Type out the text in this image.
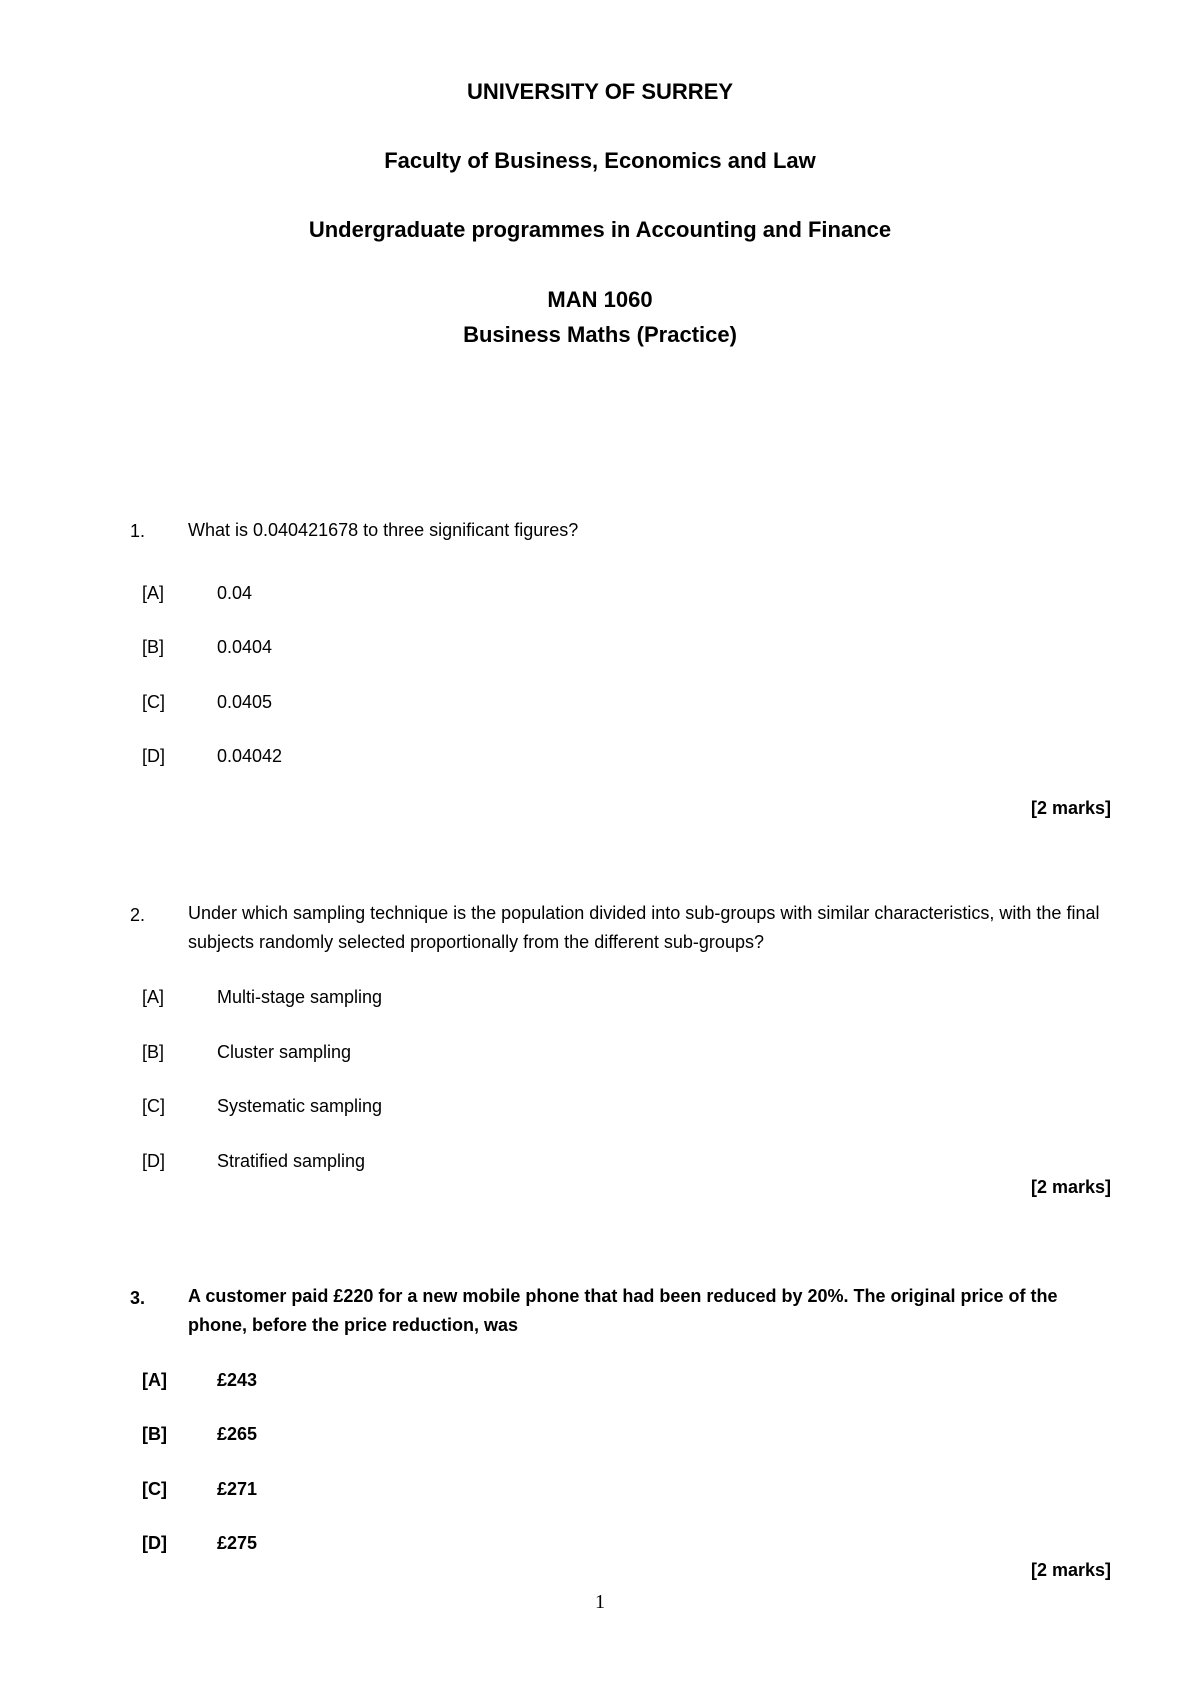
UNIVERSITY OF SURREY
Faculty of Business, Economics and Law
Undergraduate programmes in Accounting and Finance
MAN 1060
Business Maths (Practice)
1. What is 0.040421678 to three significant figures?
[A]	0.04
[B]	0.0404
[C]	0.0405
[D]	0.04042
[2 marks]
2. Under which sampling technique is the population divided into sub-groups with similar characteristics, with the final subjects randomly selected proportionally from the different sub-groups?
[A]	Multi-stage sampling
[B]	Cluster sampling
[C]	Systematic sampling
[D]	Stratified sampling
[2 marks]
3. A customer paid £220 for a new mobile phone that had been reduced by 20%. The original price of the phone, before the price reduction, was
[A]	£243
[B]	£265
[C]	£271
[D]	£275
[2 marks]
1
